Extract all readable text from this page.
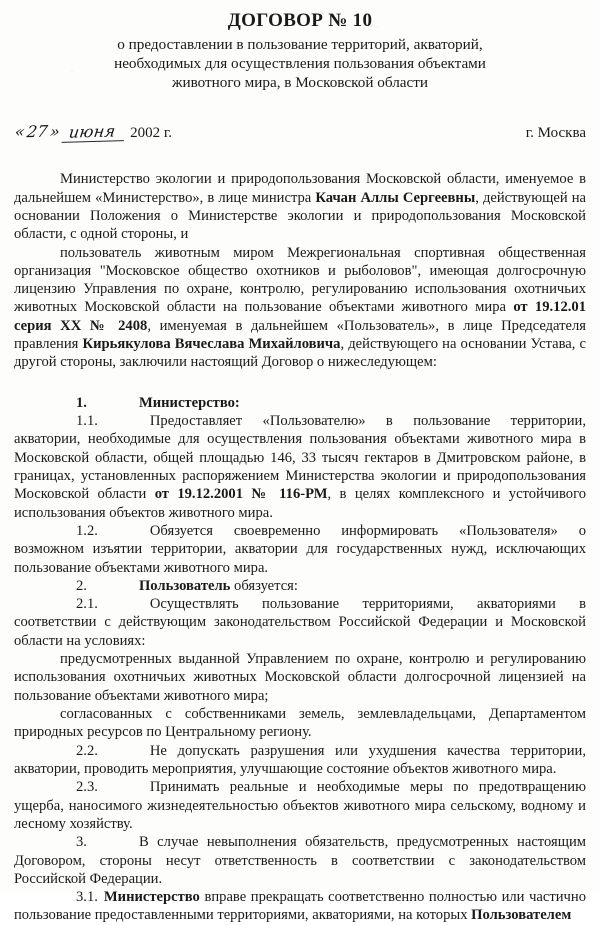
ДОГОВОР № 10
о предоставлении в пользование территорий, акваторий,
необходимых для осуществления пользования объектами
животного мира, в Московской области
« 27 » июня 2002 г.	г. Москва

Министерство экологии и природопользования Московской области, именуемое в дальнейшем «Министерство», в лице министра Качан Аллы Сергеевны, действующей на основании Положения о Министерстве экологии и природопользования Московской области, с одной стороны, и

пользователь животным миром Межрегиональная спортивная общественная организация "Московское общество охотников и рыболовов", имеющая долгосрочную лицензию Управления по охране, контролю, регулированию использования охотничьих животных Московской области на пользование объектами животного мира от 19.12.01 серия ХХ № 2408, именуемая в дальнейшем «Пользователь», в лице Председателя правления Кирьякулова Вячеслава Михайловича, действующего на основании Устава, с другой стороны, заключили настоящий Договор о нижеследующем:

1.	Министерство:

1.1.	Предоставляет «Пользователю» в пользование территории, акватории, необходимые для осуществления пользования объектами животного мира в Московской области, общей площадью 146, 33 тысяч гектаров в Дмитровском районе, в границах, установленных распоряжением Министерства экологии и природопользования Московской области от 19.12.2001 № 116-РМ, в целях комплексного и устойчивого использования объектов животного мира.

1.2.	Обязуется своевременно информировать «Пользователя» о возможном изъятии территории, акватории для государственных нужд, исключающих пользование объектами животного мира.

2.	Пользователь обязуется:

2.1.	Осуществлять пользование территориями, акваториями в соответствии с действующим законодательством Российской Федерации и Московской области на условиях:

предусмотренных выданной Управлением по охране, контролю и регулированию использования охотничьих животных Московской области долгосрочной лицензией на пользование объектами животного мира;

согласованных с собственниками земель, землевладельцами, Департаментом природных ресурсов по Центральному региону.

2.2.	Не допускать разрушения или ухудшения качества территории, акватории, проводить мероприятия, улучшающие состояние объектов животного мира.

2.3.	Принимать реальные и необходимые меры по предотвращению ущерба, наносимого жизнедеятельностью объектов животного мира сельскому, водному и лесному хозяйству.

3.	В случае невыполнения обязательств, предусмотренных настоящим Договором, стороны несут ответственность в соответствии с законодательством Российской Федерации.

3.1. Министерство вправе прекращать соответственно полностью или частично пользование предоставленными территориями, акваториями, на которых Пользователем
